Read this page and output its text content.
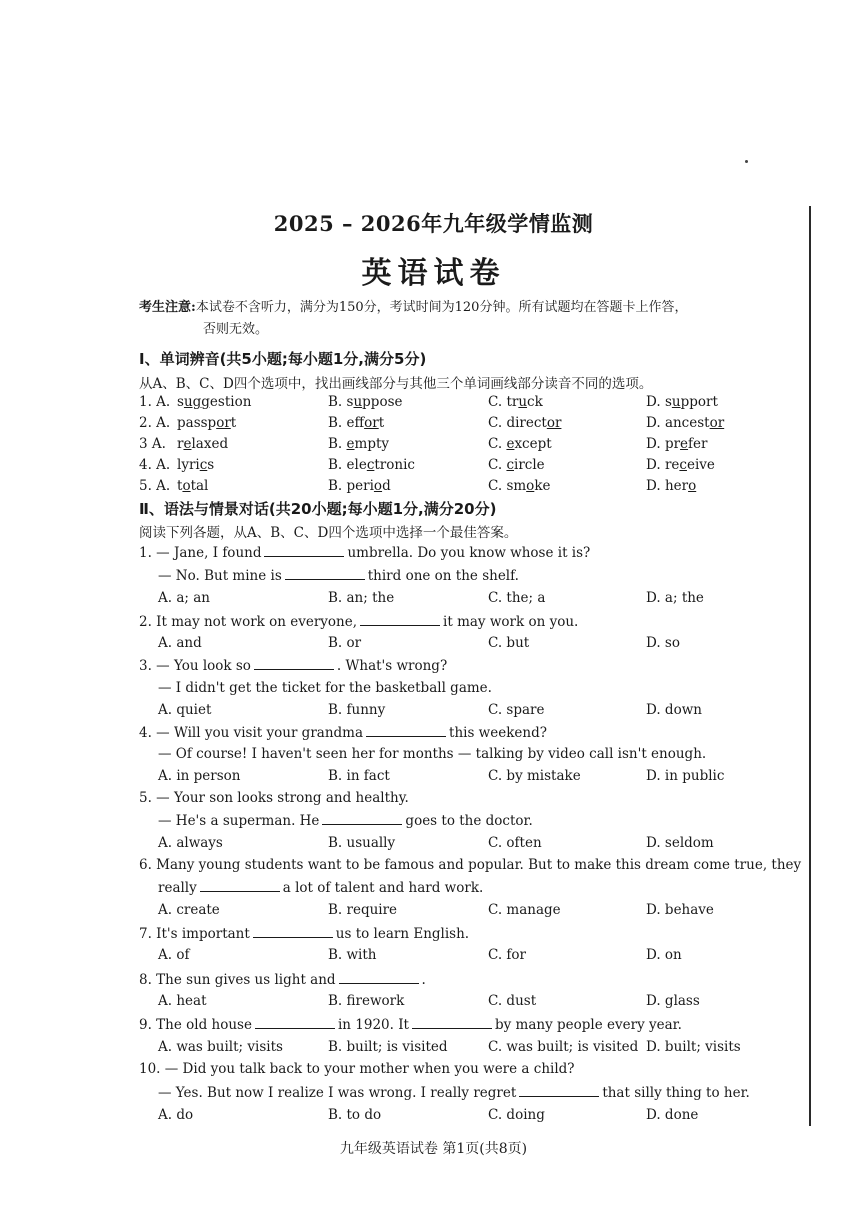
2025 – 2026年九年级学情监测
英语试卷
考生注意:本试卷不含听力，满分为150分，考试时间为120分钟。所有试题均在答题卡上作答，
否则无效。
Ⅰ、单词辨音(共5小题;每小题1分,满分5分)
从A、B、C、D四个选项中，找出画线部分与其他三个单词画线部分读音不同的选项。
1. A. suggestion	B. suppose	C. truck	D. support
2. A. passport	B. effort	C. director	D. ancestor
3 A. relaxed	B. empty	C. except	D. prefer
4. A. lyrics	B. electronic	C. circle	D. receive
5. A. total	B. period	C. smoke	D. hero
Ⅱ、语法与情景对话(共20小题;每小题1分,满分20分)
阅读下列各题，从A、B、C、D四个选项中选择一个最佳答案。
1. — Jane, I found	umbrella. Do you know whose it is?
— No. But mine is	third one on the shelf.
A. a; an	B. an; the	C. the; a	D. a; the
2. It may not work on everyone,	it may work on you.
A. and	B. or	C. but	D. so
3. — You look so	. What's wrong?
— I didn't get the ticket for the basketball game.
A. quiet	B. funny	C. spare	D. down
4. — Will you visit your grandma	this weekend?
— Of course! I haven't seen her for months — talking by video call isn't enough.
A. in person	B. in fact	C. by mistake	D. in public
5. — Your son looks strong and healthy.
— He's a superman. He	goes to the doctor.
A. always	B. usually	C. often	D. seldom
6. Many young students want to be famous and popular. But to make this dream come true, they
really	a lot of talent and hard work.
A. create	B. require	C. manage	D. behave
7. It's important	us to learn English.
A. of	B. with	C. for	D. on
8. The sun gives us light and	.
A. heat	B. firework	C. dust	D. glass
9. The old house	in 1920. It	by many people every year.
A. was built; visits	B. built; is visited	C. was built; is visited D. built; visits
10. — Did you talk back to your mother when you were a child?
— Yes. But now I realize I was wrong. I really regret	that silly thing to her.
A. do	B. to do	C. doing	D. done
九年级英语试卷 第1页(共8页)
